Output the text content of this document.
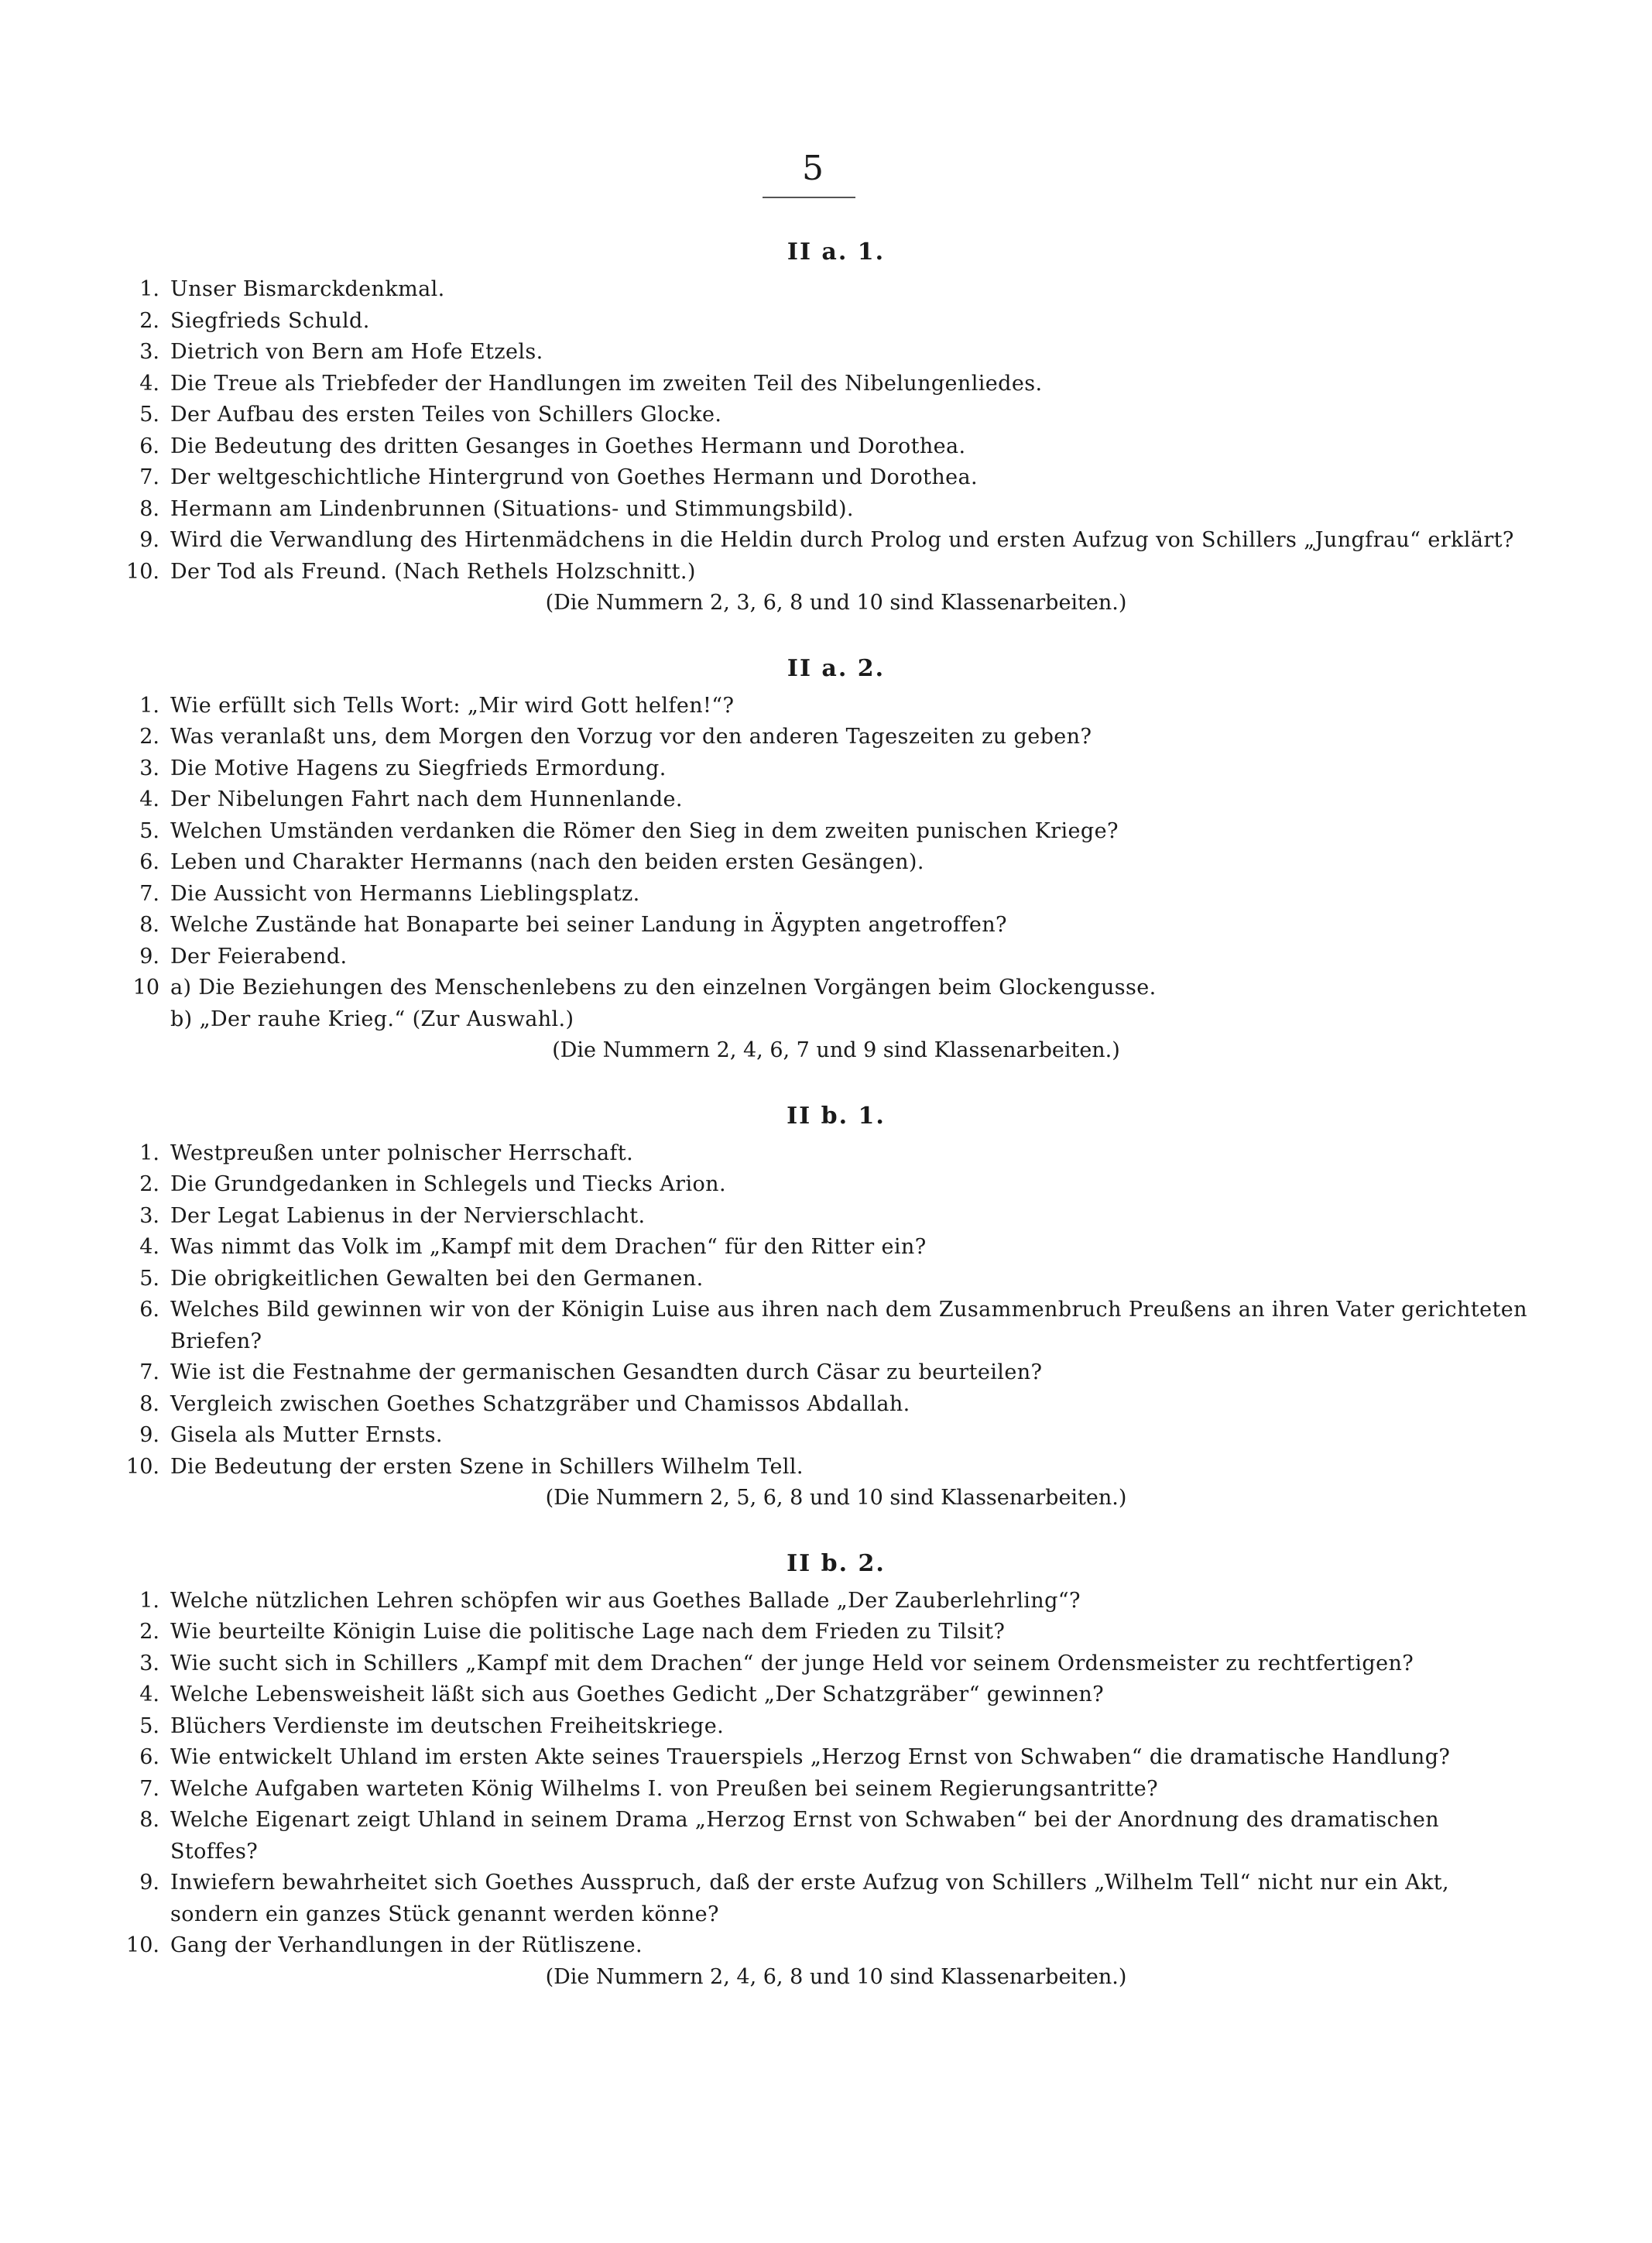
5
II a. 1.
1. Unser Bismarckdenkmal.
2. Siegfrieds Schuld.
3. Dietrich von Bern am Hofe Etzels.
4. Die Treue als Triebfeder der Handlungen im zweiten Teil des Nibelungenliedes.
5. Der Aufbau des ersten Teiles von Schillers Glocke.
6. Die Bedeutung des dritten Gesanges in Goethes Hermann und Dorothea.
7. Der weltgeschichtliche Hintergrund von Goethes Hermann und Dorothea.
8. Hermann am Lindenbrunnen (Situations- und Stimmungsbild).
9. Wird die Verwandlung des Hirtenmädchens in die Heldin durch Prolog und ersten Aufzug von Schillers „Jungfrau“ erklärt?
10. Der Tod als Freund. (Nach Rethels Holzschnitt.)
(Die Nummern 2, 3, 6, 8 und 10 sind Klassenarbeiten.)
II a. 2.
1. Wie erfüllt sich Tells Wort: „Mir wird Gott helfen!“?
2. Was veranlaßt uns, dem Morgen den Vorzug vor den anderen Tageszeiten zu geben?
3. Die Motive Hagens zu Siegfrieds Ermordung.
4. Der Nibelungen Fahrt nach dem Hunnenlande.
5. Welchen Umständen verdanken die Römer den Sieg in dem zweiten punischen Kriege?
6. Leben und Charakter Hermanns (nach den beiden ersten Gesängen).
7. Die Aussicht von Hermanns Lieblingsplatz.
8. Welche Zustände hat Bonaparte bei seiner Landung in Ägypten angetroffen?
9. Der Feierabend.
10 a) Die Beziehungen des Menschenlebens zu den einzelnen Vorgängen beim Glockengusse.
b) „Der rauhe Krieg.“ (Zur Auswahl.)
(Die Nummern 2, 4, 6, 7 und 9 sind Klassenarbeiten.)
II b. 1.
1. Westpreußen unter polnischer Herrschaft.
2. Die Grundgedanken in Schlegels und Tiecks Arion.
3. Der Legat Labienus in der Nervierschlacht.
4. Was nimmt das Volk im „Kampf mit dem Drachen“ für den Ritter ein?
5. Die obrigkeitlichen Gewalten bei den Germanen.
6. Welches Bild gewinnen wir von der Königin Luise aus ihren nach dem Zusammenbruch Preußens an ihren Vater gerichteten Briefen?
7. Wie ist die Festnahme der germanischen Gesandten durch Cäsar zu beurteilen?
8. Vergleich zwischen Goethes Schatzgräber und Chamissos Abdallah.
9. Gisela als Mutter Ernsts.
10. Die Bedeutung der ersten Szene in Schillers Wilhelm Tell.
(Die Nummern 2, 5, 6, 8 und 10 sind Klassenarbeiten.)
II b. 2.
1. Welche nützlichen Lehren schöpfen wir aus Goethes Ballade „Der Zauberlehrling“?
2. Wie beurteilte Königin Luise die politische Lage nach dem Frieden zu Tilsit?
3. Wie sucht sich in Schillers „Kampf mit dem Drachen“ der junge Held vor seinem Ordensmeister zu rechtfertigen?
4. Welche Lebensweisheit läßt sich aus Goethes Gedicht „Der Schatzgräber“ gewinnen?
5. Blüchers Verdienste im deutschen Freiheitskriege.
6. Wie entwickelt Uhland im ersten Akte seines Trauerspiels „Herzog Ernst von Schwaben“ die dramatische Handlung?
7. Welche Aufgaben warteten König Wilhelms I. von Preußen bei seinem Regierungsantritte?
8. Welche Eigenart zeigt Uhland in seinem Drama „Herzog Ernst von Schwaben“ bei der Anordnung des dramatischen Stoffes?
9. Inwiefern bewahrheitet sich Goethes Ausspruch, daß der erste Aufzug von Schillers „Wilhelm Tell“ nicht nur ein Akt, sondern ein ganzes Stück genannt werden könne?
10. Gang der Verhandlungen in der Rütliszene.
(Die Nummern 2, 4, 6, 8 und 10 sind Klassenarbeiten.)
